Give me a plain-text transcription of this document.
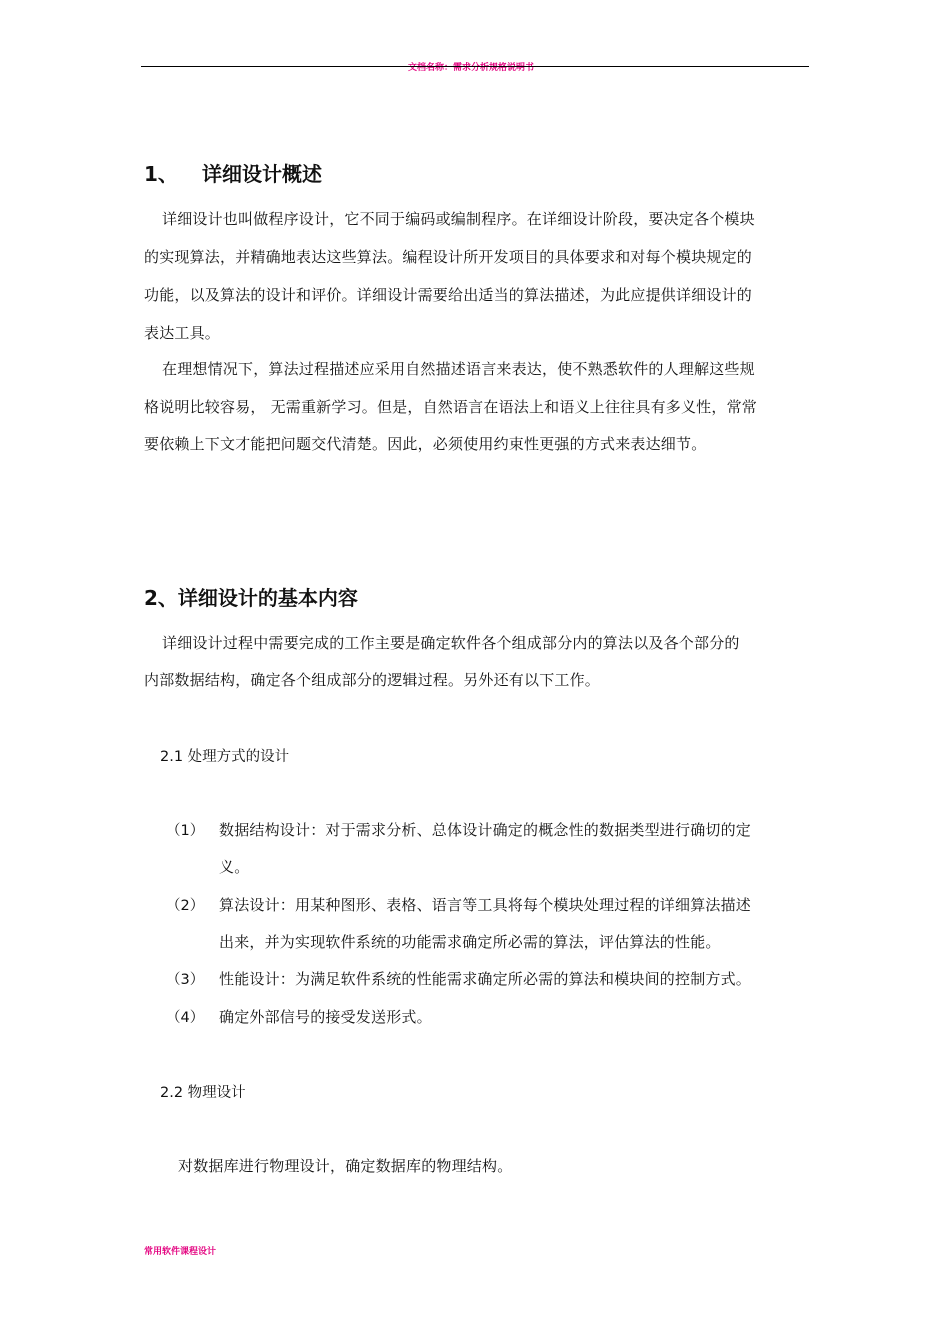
文档名称：需求分析规格说明书
1、 详细设计概述
详细设计也叫做程序设计，它不同于编码或编制程序。在详细设计阶段，要决定各个模块
的实现算法，并精确地表达这些算法。编程设计所开发项目的具体要求和对每个模块规定的
功能，以及算法的设计和评价。详细设计需要给出适当的算法描述，为此应提供详细设计的
表达工具。
在理想情况下，算法过程描述应采用自然描述语言来表达，使不熟悉软件的人理解这些规
格说明比较容易， 无需重新学习。但是，自然语言在语法上和语义上往往具有多义性，常常
要依赖上下文才能把问题交代清楚。因此，必须使用约束性更强的方式来表达细节。
2、详细设计的基本内容
详细设计过程中需要完成的工作主要是确定软件各个组成部分内的算法以及各个部分的
内部数据结构，确定各个组成部分的逻辑过程。另外还有以下工作。
2.1 处理方式的设计
（1） 数据结构设计：对于需求分析、总体设计确定的概念性的数据类型进行确切的定
义。
（2） 算法设计：用某种图形、表格、语言等工具将每个模块处理过程的详细算法描述
出来，并为实现软件系统的功能需求确定所必需的算法，评估算法的性能。
（3） 性能设计：为满足软件系统的性能需求确定所必需的算法和模块间的控制方式。
（4） 确定外部信号的接受发送形式。
2.2 物理设计
对数据库进行物理设计，确定数据库的物理结构。
常用软件课程设计
